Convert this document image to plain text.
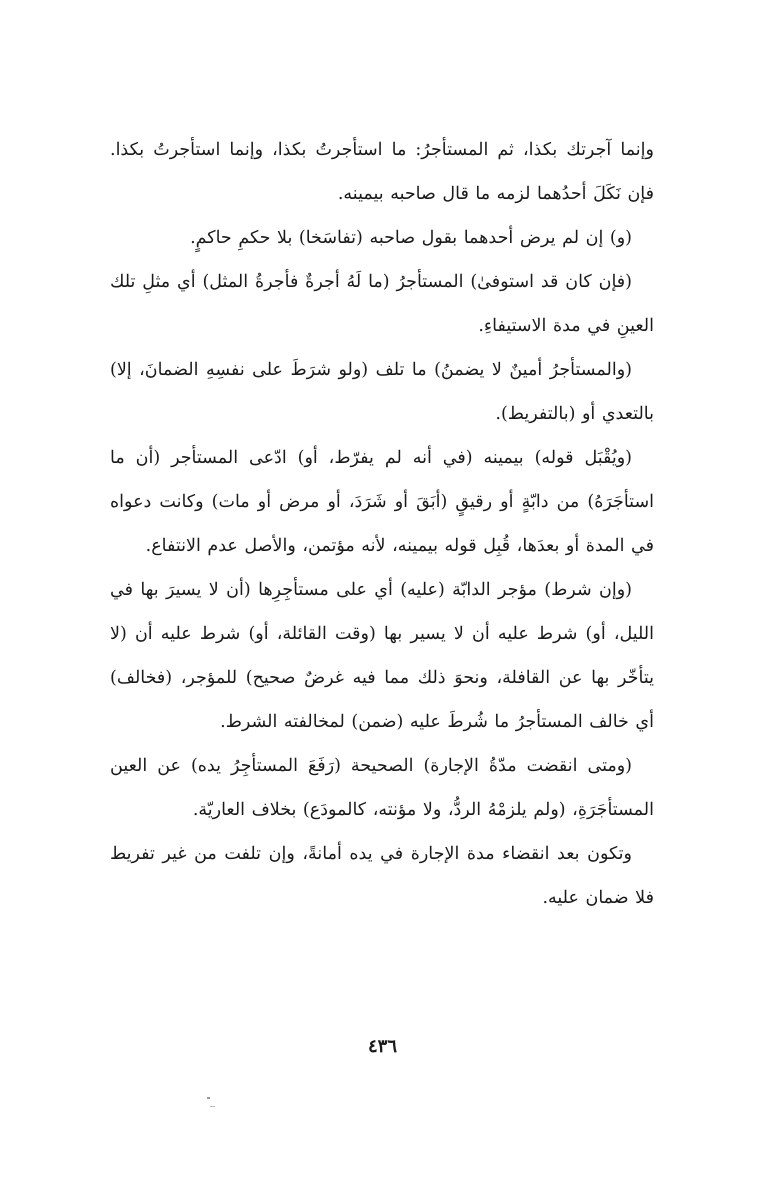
وإنما آجرتك بكذا، ثم المستأجرُ: ما استأجرتُ بكذا، وإنما استأجرتُ بكذا. فإن نَكَلَ أحدُهما لزمه ما قال صاحبه بيمينه.

(و) إن لم يرض أحدهما بقول صاحبه (تفاسَخا) بلا حكمِ حاكمٍ.

(فإن كان قد استوفىٰ) المستأجرُ (ما لَهُ أجرةٌ فأجرةُ المثل) أي مثلِ تلك العينِ في مدة الاستيفاءِ.

(والمستأجرُ أمينٌ لا يضمنُ) ما تلف (ولو شرَطَ على نفسِهِ الضمانَ، إلا) بالتعدي أو (بالتفريط).

(ويُقْبَل قوله) بيمينه (في أنه لم يفرّط، أو) ادّعى المستأجر (أن ما استأجَرَهُ) من دابّةٍ أو رقيقٍ (أبَقَ أو شَرَدَ، أو مرض أو مات) وكانت دعواه في المدة أو بعدَها، قُبِل قوله بيمينه، لأنه مؤتمن، والأصل عدم الانتفاع.

(وإن شرط) مؤجر الدابّة (عليه) أي على مستأجِرِها (أن لا يسيرَ بها في الليل، أو) شرط عليه أن لا يسير بها (وقت القائلة، أو) شرط عليه أن (لا يتأخّر بها عن القافلة، ونحوَ ذلك مما فيه غرضٌ صحيح) للمؤجر، (فخالف) أي خالف المستأجرُ ما شُرطَ عليه (ضمن) لمخالفته الشرط.

(ومتى انقضت مدّةُ الإجارة) الصحيحة (رَفَعَ المستأجِرُ يده) عن العين المستأجَرَةِ، (ولم يلزمْهُ الردُّ، ولا مؤنته، كالمودَع) بخلاف العاريّة.

وتكون بعد انقضاء مدة الإجارة في يده أمانةً، وإن تلفت من غير تفريط فلا ضمان عليه.

٤٣٦
